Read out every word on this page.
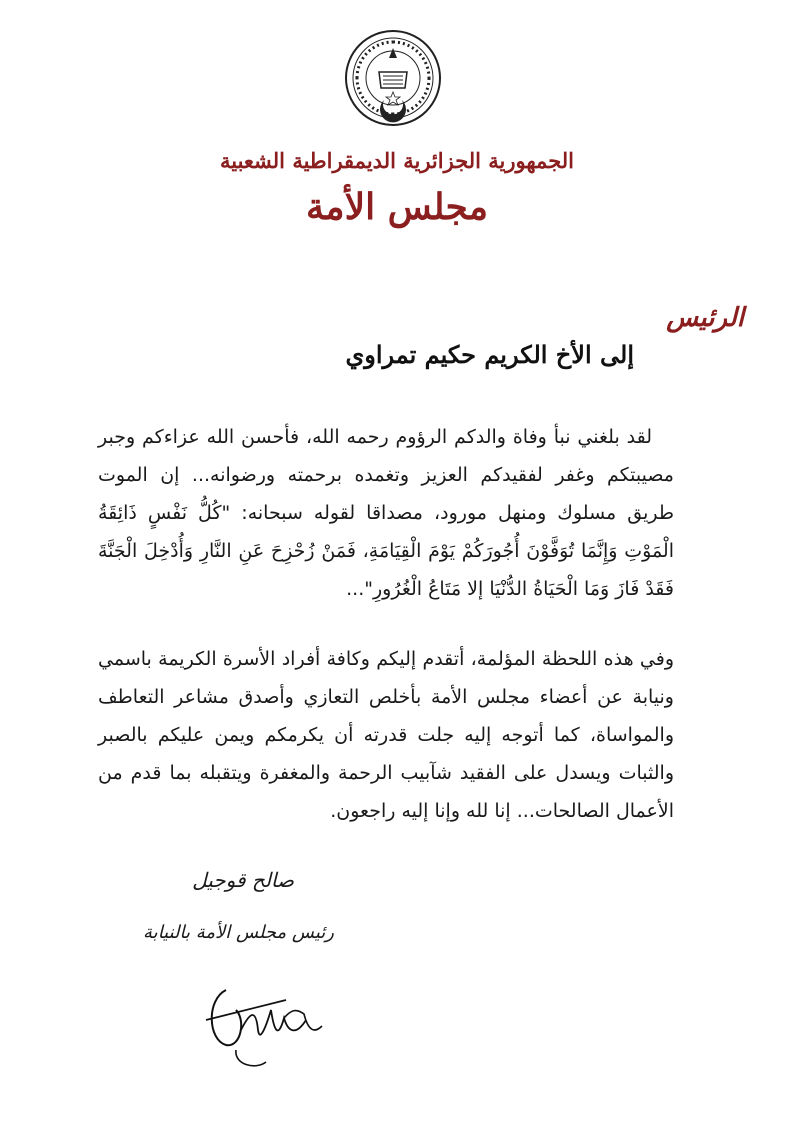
الجمهورية الجزائرية الديمقراطية الشعبية
مجلس الأمة
الرئيس
إلى الأخ الكريم حكيم تمراوي
لقد بلغني نبأ وفاة والدكم الرؤوم رحمه الله، فأحسن الله عزاءكم وجبر مصيبتكم وغفر لفقيدكم العزيز وتغمده برحمته ورضوانه... إن الموت طريق مسلوك ومنهل مورود، مصداقا لقوله سبحانه: "كُلُّ نَفْسٍ ذَائِقَةُ الْمَوْتِ وَإِنَّمَا تُوَفَّوْنَ أُجُورَكُمْ يَوْمَ الْقِيَامَةِ، فَمَنْ زُحْزِحَ عَنِ النَّارِ وَأُدْخِلَ الْجَنَّةَ فَقَدْ فَازَ وَمَا الْحَيَاةُ الدُّنْيَا إلا مَتَاعُ الْغُرُورِ"...
وفي هذه اللحظة المؤلمة، أتقدم إليكم وكافة أفراد الأسرة الكريمة باسمي ونيابة عن أعضاء مجلس الأمة بأخلص التعازي وأصدق مشاعر التعاطف والمواساة، كما أتوجه إليه جلت قدرته أن يكرمكم ويمن عليكم بالصبر والثبات ويسدل على الفقيد شآبيب الرحمة والمغفرة ويتقبله بما قدم من الأعمال الصالحات... إنا لله وإنا إليه راجعون.
صالح قوجيل
رئيس مجلس الأمة بالنيابة
